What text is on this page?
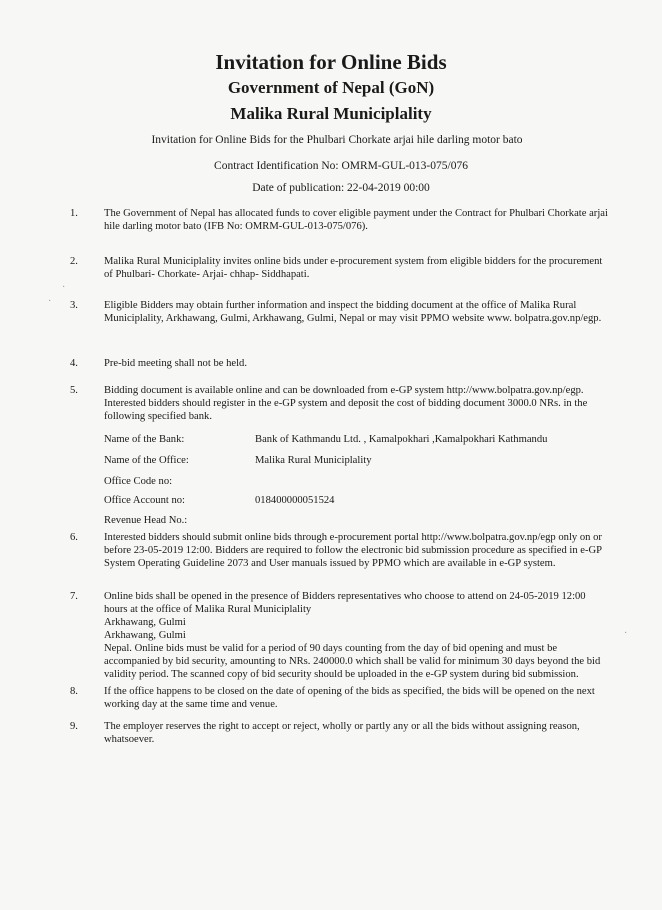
Invitation for Online Bids
Government of Nepal (GoN)
Malika Rural Municiplality
Invitation for Online Bids for the Phulbari Chorkate arjai hile darling motor bato
Contract Identification No: OMRM-GUL-013-075/076
Date of publication: 22-04-2019 00:00
1.	The Government of Nepal has allocated funds to cover eligible payment under the Contract for Phulbari Chorkate arjai hile darling motor bato (IFB No: OMRM-GUL-013-075/076).
2.	Malika Rural Municiplality invites online bids under e-procurement system from eligible bidders for the procurement of Phulbari- Chorkate- Arjai- chhap- Siddhapati.
3.	Eligible Bidders may obtain further information and inspect the bidding document at the office of Malika Rural Municiplality, Arkhawang, Gulmi, Arkhawang, Gulmi, Nepal or may visit PPMO website www. bolpatra.gov.np/egp.
4.	Pre-bid meeting shall not be held.
5.	Bidding document is available online and can be downloaded from e-GP system http://www.bolpatra.gov.np/egp. Interested bidders should register in the e-GP system and deposit the cost of bidding document 3000.0 NRs. in the following specified bank.
Name of the Bank:	Bank of Kathmandu Ltd. , Kamalpokhari ,Kamalpokhari Kathmandu
Name of the Office:	Malika Rural Municiplality
Office Code no:
Office Account no:	018400000051524
Revenue Head No.:
6.	Interested bidders should submit online bids through e-procurement portal http://www.bolpatra.gov.np/egp only on or before 23-05-2019 12:00. Bidders are required to follow the electronic bid submission procedure as specified in e-GP System Operating Guideline 2073 and User manuals issued by PPMO which are available in e-GP system.
7.	Online bids shall be opened in the presence of Bidders representatives who choose to attend on 24-05-2019 12:00 hours at the office of Malika Rural Municiplality
Arkhawang, Gulmi
Arkhawang, Gulmi
Nepal. Online bids must be valid for a period of 90 days counting from the day of bid opening and must be accompanied by bid security, amounting to NRs. 240000.0 which shall be valid for minimum 30 days beyond the bid validity period. The scanned copy of bid security should be uploaded in the e-GP system during bid submission.
8.	If the office happens to be closed on the date of opening of the bids as specified, the bids will be opened on the next working day at the same time and venue.
9.	The employer reserves the right to accept or reject, wholly or partly any or all the bids without assigning reason, whatsoever.
·
·
·
